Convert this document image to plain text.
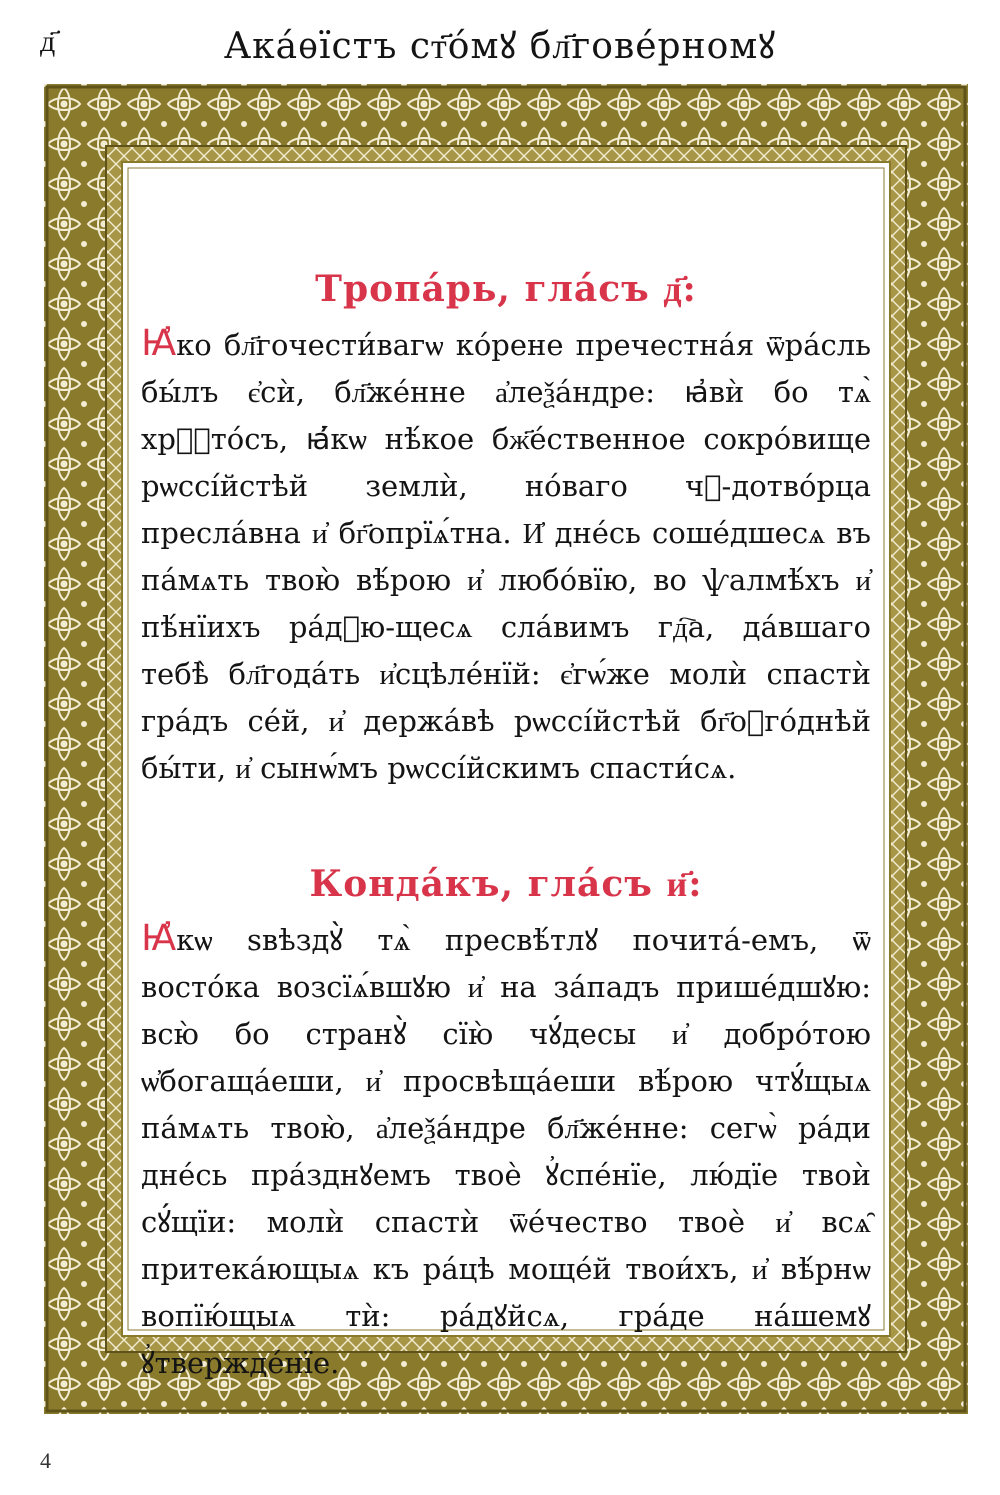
д҃	Ака́ѳїстъ ст҃о́мꙋ бл҃гове́рномꙋ
Тропа́рь, гла́съ д҃:

Ꙗ҆ко бл҃гочести́вагѡ ко́рене пречестна́я ѿра́сль бы́лъ є҆сѝ, бл҃же́нне а҆леѯа́ндре: ꙗ҆вѝ бо тѧ̀ хрⷭ҇то́съ, ꙗ҆́кѡ нѣ́кое бж҃е́ственное сокро́вище рѡссі́йстѣй землѝ, но́ваго чꙋ-дотво́рца пресла́вна и҆ бг҃опрїѧ́тна. И҆ дне́сь соше́дшесѧ въ па́мѧть твою̀ вѣ́рою и҆ любо́вїю, во ѱалмѣ́хъ и҆ пѣ́нїихъ ра́дꙋю-щесѧ сла́вимъ гд҇а, да́вшаго тебѣ̀ бл҃года́ть и҆сцѣле́нїй: є҆гѡ́же молѝ спастѝ гра́дъ се́й, и҆ держа́вѣ рѡссі́йстѣй бг҃оꙋго́днѣй бы́ти, и҆ сынѡ́мъ рѡссі́йскимъ спасти́сѧ.

Конда́къ, гла́съ и҃:

Ꙗ҆кѡ ѕвѣздꙋ̀ тѧ̀ пресвѣ́тлꙋ почита́-емъ, ѿ восто́ка возсїѧ́вшꙋю и҆ на за́падъ прише́дшꙋю: всю̀ бо странꙋ̀ сїю̀ чꙋ́десы и҆ добро́тою ѡ҆богаща́еши, и҆ просвѣща́еши вѣ́рою чтꙋ́щыѧ па́мѧть твою̀, а҆леѯа́ндре бл҃же́нне: сегѡ̀ ра́ди дне́сь пра́зднꙋемъ твоѐ ꙋ҆спе́нїе, лю́дїе твоѝ сꙋ́щїи: молѝ спастѝ ѿе́чество твоѐ и҆ всѧ̑ притека́ющыѧ къ ра́цѣ моще́й твои́хъ, и҆ вѣ́рнѡ вопїю́щыѧ тѝ: ра́дꙋйсѧ, гра́де на́шемꙋ ꙋ҆твержде́нїе.

4
